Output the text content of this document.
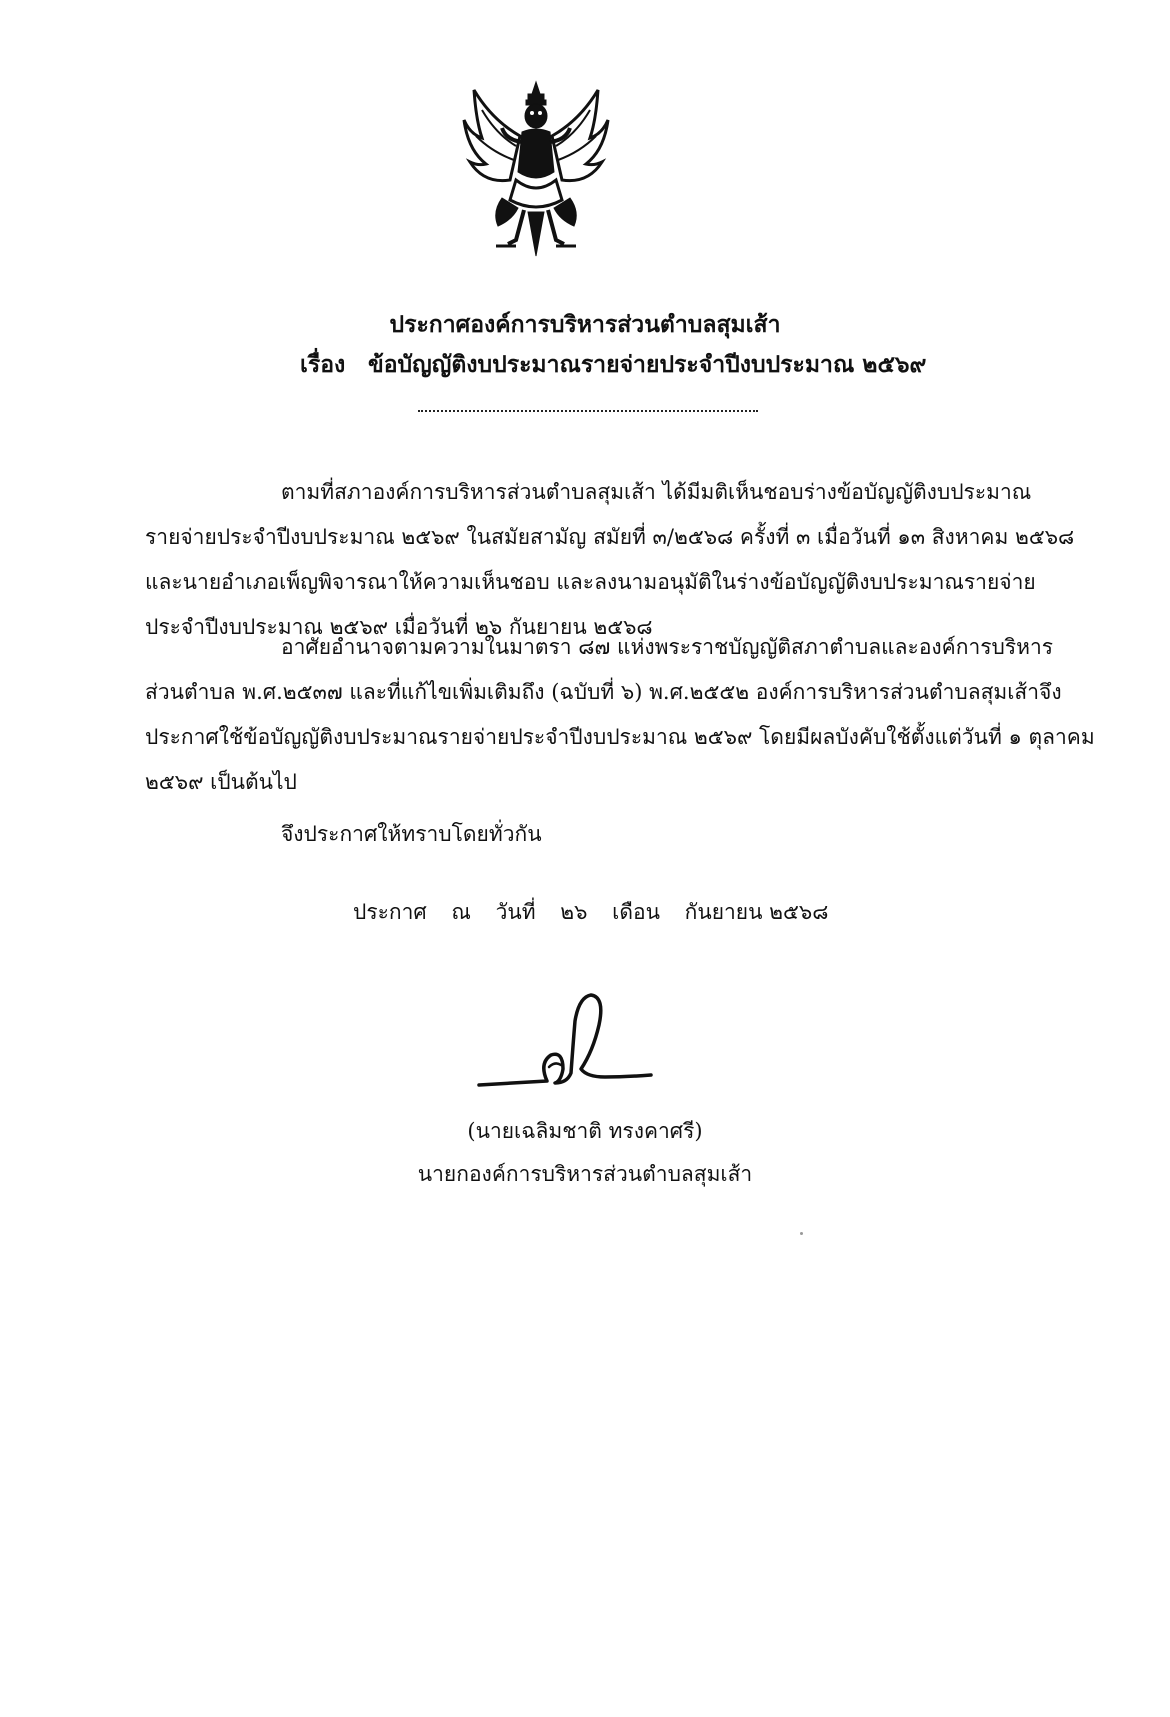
ประกาศองค์การบริหารส่วนตำบลสุมเส้า
เรื่อง ข้อบัญญัติงบประมาณรายจ่ายประจำปีงบประมาณ ๒๕๖๙
ตามที่สภาองค์การบริหารส่วนตำบลสุมเส้า ได้มีมติเห็นชอบร่างข้อบัญญัติงบประมาณ
รายจ่ายประจำปีงบประมาณ ๒๕๖๙ ในสมัยสามัญ สมัยที่ ๓/๒๕๖๘ ครั้งที่ ๓ เมื่อวันที่ ๑๓ สิงหาคม ๒๕๖๘
และนายอำเภอเพ็ญพิจารณาให้ความเห็นชอบ และลงนามอนุมัติในร่างข้อบัญญัติงบประมาณรายจ่าย
ประจำปีงบประมาณ ๒๕๖๙ เมื่อวันที่ ๒๖ กันยายน ๒๕๖๘
อาศัยอำนาจตามความในมาตรา ๘๗ แห่งพระราชบัญญัติสภาตำบลและองค์การบริหาร
ส่วนตำบล พ.ศ.๒๕๓๗ และที่แก้ไขเพิ่มเติมถึง (ฉบับที่ ๖) พ.ศ.๒๕๕๒ องค์การบริหารส่วนตำบลสุมเส้าจึง
ประกาศใช้ข้อบัญญัติงบประมาณรายจ่ายประจำปีงบประมาณ ๒๕๖๙ โดยมีผลบังคับใช้ตั้งแต่วันที่ ๑ ตุลาคม
๒๕๖๙ เป็นต้นไป
จึงประกาศให้ทราบโดยทั่วกัน
ประกาศ ณ วันที่ ๒๖ เดือน กันยายน ๒๕๖๘
(นายเฉลิมชาติ ทรงคาศรี)
นายกองค์การบริหารส่วนตำบลสุมเส้า
